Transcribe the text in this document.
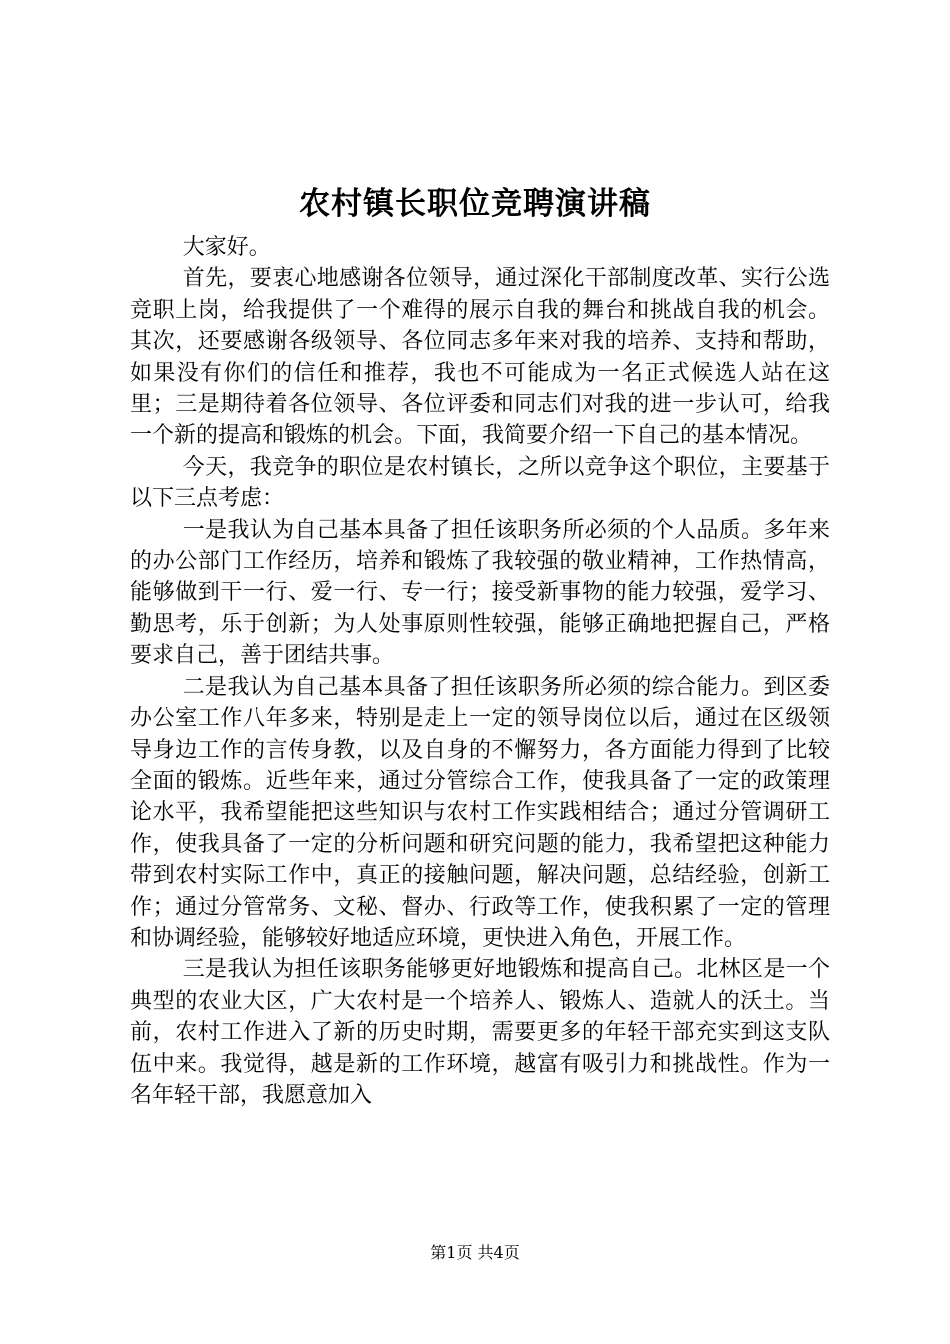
农村镇长职位竞聘演讲稿

大家好。

首先，要衷心地感谢各位领导，通过深化干部制度改革、实行公选竞职上岗，给我提供了一个难得的展示自我的舞台和挑战自我的机会。其次，还要感谢各级领导、各位同志多年来对我的培养、支持和帮助，如果没有你们的信任和推荐，我也不可能成为一名正式候选人站在这里；三是期待着各位领导、各位评委和同志们对我的进一步认可，给我一个新的提高和锻炼的机会。下面，我简要介绍一下自己的基本情况。

今天，我竞争的职位是农村镇长，之所以竞争这个职位，主要基于以下三点考虑：

一是我认为自己基本具备了担任该职务所必须的个人品质。多年来的办公部门工作经历，培养和锻炼了我较强的敬业精神，工作热情高，能够做到干一行、爱一行、专一行；接受新事物的能力较强，爱学习、勤思考，乐于创新；为人处事原则性较强，能够正确地把握自己，严格要求自己，善于团结共事。

二是我认为自己基本具备了担任该职务所必须的综合能力。到区委办公室工作八年多来，特别是走上一定的领导岗位以后，通过在区级领导身边工作的言传身教，以及自身的不懈努力，各方面能力得到了比较全面的锻炼。近些年来，通过分管综合工作，使我具备了一定的政策理论水平，我希望能把这些知识与农村工作实践相结合；通过分管调研工作，使我具备了一定的分析问题和研究问题的能力，我希望把这种能力带到农村实际工作中，真正的接触问题，解决问题，总结经验，创新工作；通过分管常务、文秘、督办、行政等工作，使我积累了一定的管理和协调经验，能够较好地适应环境，更快进入角色，开展工作。

三是我认为担任该职务能够更好地锻炼和提高自己。北林区是一个典型的农业大区，广大农村是一个培养人、锻炼人、造就人的沃土。当前，农村工作进入了新的历史时期，需要更多的年轻干部充实到这支队伍中来。我觉得，越是新的工作环境，越富有吸引力和挑战性。作为一名年轻干部，我愿意加入

第1页 共4页
